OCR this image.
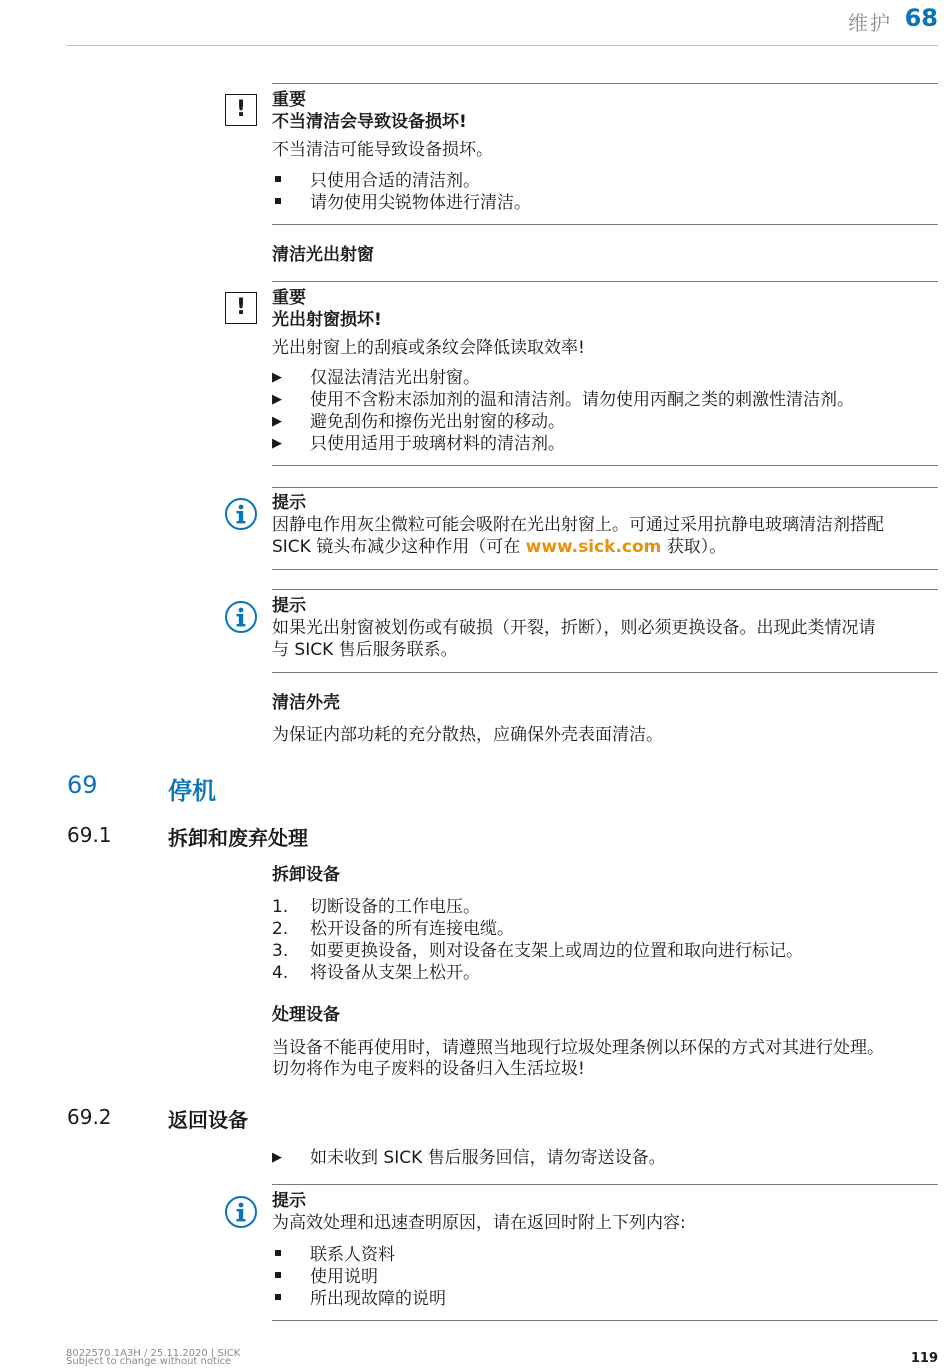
维护 68
!	重要
不当清洁会导致设备损坏!
不当清洁可能导致设备损坏。
只使用合适的清洁剂。
请勿使用尖锐物体进行清洁。
清洁光出射窗
!	重要
光出射窗损坏!
光出射窗上的刮痕或条纹会降低读取效率!
▶	仅湿法清洁光出射窗。
▶	使用不含粉末添加剂的温和清洁剂。请勿使用丙酮之类的刺激性清洁剂。
▶	避免刮伤和擦伤光出射窗的移动。
▶	只使用适用于玻璃材料的清洁剂。
提示
因静电作用灰尘微粒可能会吸附在光出射窗上。可通过采用抗静电玻璃清洁剂搭配
SICK 镜头布减少这种作用（可在 www.sick.com 获取）。
提示
如果光出射窗被划伤或有破损（开裂，折断），则必须更换设备。出现此类情况请
与 SICK 售后服务联系。
清洁外壳
为保证内部功耗的充分散热，应确保外壳表面清洁。
69	停机
69.1	拆卸和废弃处理
拆卸设备
1.	切断设备的工作电压。
2.	松开设备的所有连接电缆。
3.	如要更换设备，则对设备在支架上或周边的位置和取向进行标记。
4.	将设备从支架上松开。
处理设备
当设备不能再使用时，请遵照当地现行垃圾处理条例以环保的方式对其进行处理。
切勿将作为电子废料的设备归入生活垃圾!
69.2	返回设备
▶	如未收到 SICK 售后服务回信，请勿寄送设备。
提示
为高效处理和迅速查明原因，请在返回时附上下列内容:
联系人资料
使用说明
所出现故障的说明
8022570.1A3H / 25.11.2020 | SICK
Subject to change without notice	119
